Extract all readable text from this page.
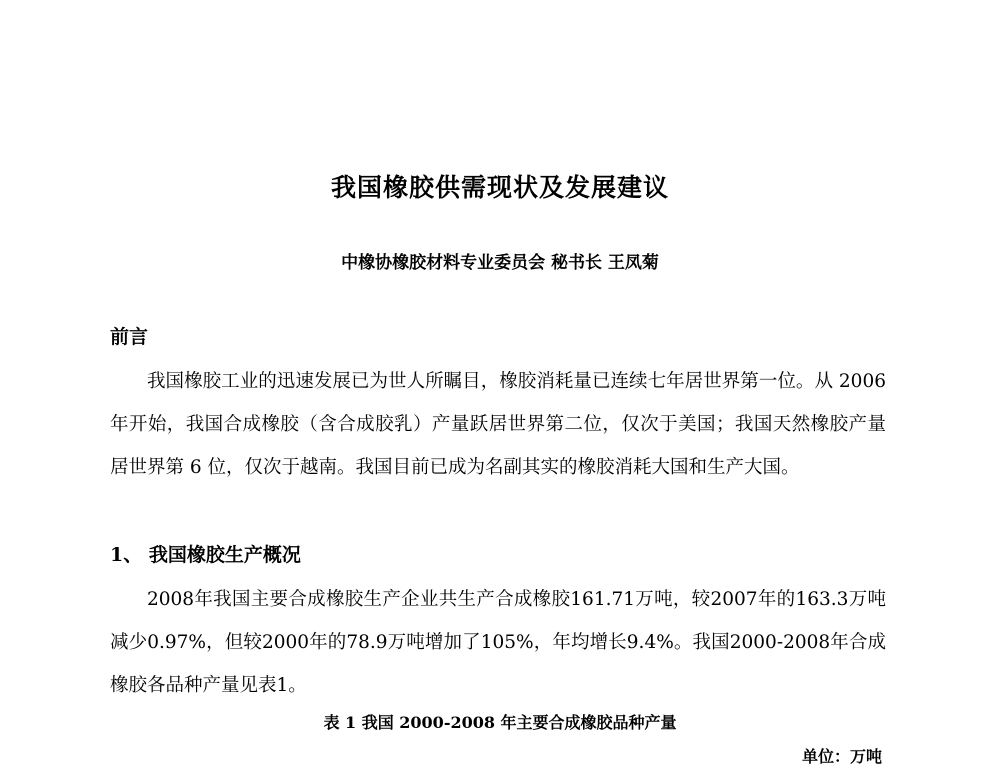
我国橡胶供需现状及发展建议
中橡协橡胶材料专业委员会 秘书长 王凤菊
前言

我国橡胶工业的迅速发展已为世人所瞩目，橡胶消耗量已连续七年居世界第一位。从 2006 年开始，我国合成橡胶（含合成胶乳）产量跃居世界第二位，仅次于美国；我国天然橡胶产量居世界第 6 位，仅次于越南。我国目前已成为名副其实的橡胶消耗大国和生产大国。

1、 我国橡胶生产概况

2008年我国主要合成橡胶生产企业共生产合成橡胶161.71万吨，较2007年的163.3万吨减少0.97%，但较2000年的78.9万吨增加了105%，年均增长9.4%。我国2000-2008年合成橡胶各品种产量见表1。

表 1 我国 2000-2008 年主要合成橡胶品种产量
单位：万吨
